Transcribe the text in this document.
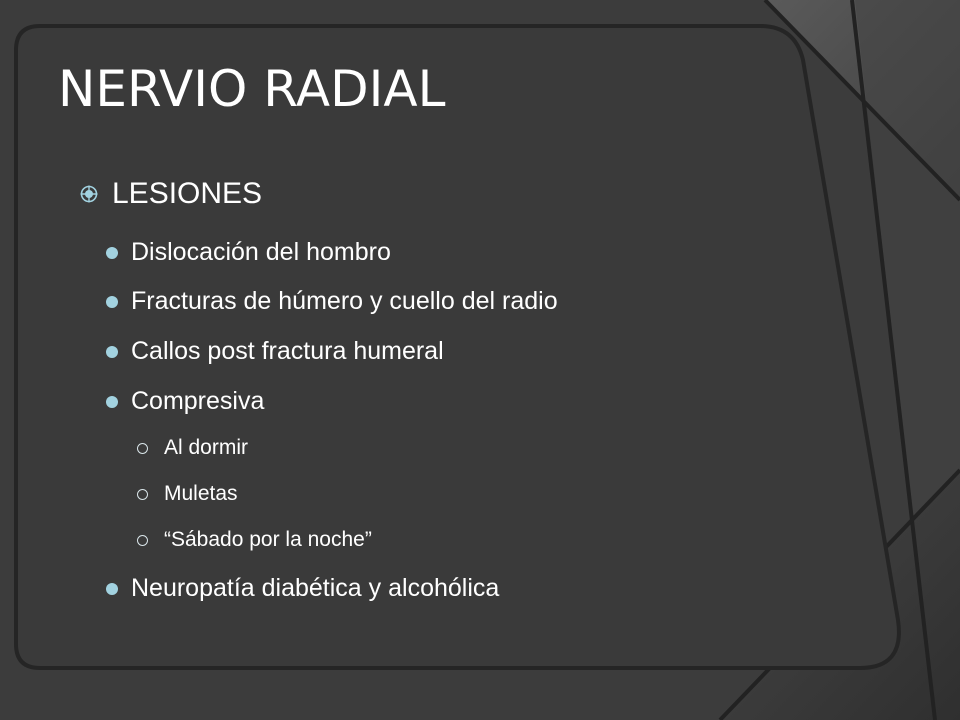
NERVIO RADIAL
LESIONES
Dislocación del hombro
Fracturas de húmero y cuello del radio
Callos post fractura humeral
Compresiva
Al dormir
Muletas
“Sábado por la noche”
Neuropatía diabética y alcohólica
